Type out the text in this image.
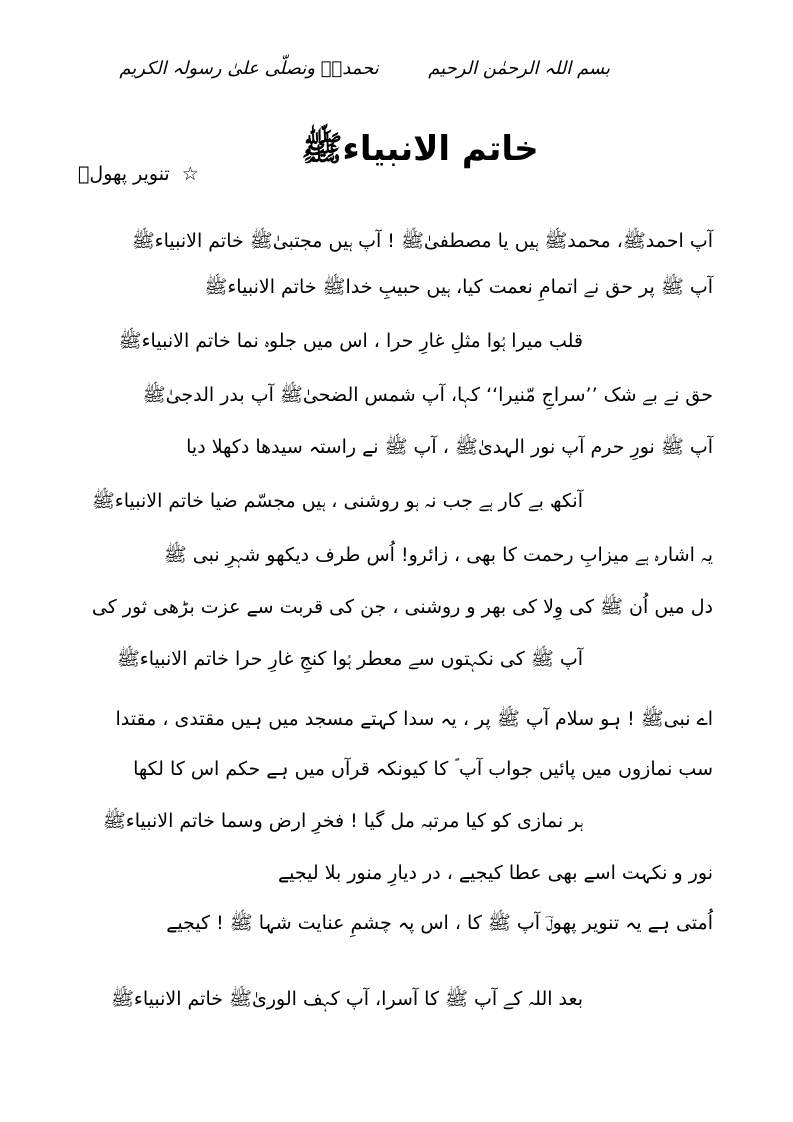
بسم اللہ الرحمٰن الرحیم  نحمدہٗ ونصلّی علیٰ رسولہ الکریم
خاتم الانبیاءﷺ
☆ تنویر پھولؔ
آپ احمدﷺ، محمدﷺ ہیں یا مصطفیٰﷺ ! آپ ہیں مجتبیٰﷺ خاتم الانبیاءﷺ
آپ ﷺ پر حق نے اتمامِ نعمت کیا، ہیں حبیبِ خداﷺ خاتم الانبیاءﷺ
قلب میرا ہُوا مثلِ غارِ حرا ، اس میں جلوہ نما خاتم الانبیاءﷺ
حق نے بے شک ’’سراجِ مّنیرا‘‘ کہا، آپ شمس الضحیٰﷺ آپ بدر الدجیٰﷺ
آپ ﷺ نورِ حرم آپ نور الہدیٰﷺ ، آپ ﷺ نے راستہ سیدھا دکھلا دیا
آنکھ بے کار ہے جب نہ ہو روشنی ، ہیں مجسّم ضیا خاتم الانبیاءﷺ
یہ اشارہ ہے میزابِ رحمت کا بھی ، زائرو! اُس طرف دیکھو شہرِ نبی ﷺ
دل میں اُن ﷺ کی وِلا کی بھر و روشنی ، جن کی قربت سے عزت بڑھی ثور کی
آپ ﷺ کی نکہتوں سے معطر ہُوا کنجِ غارِ حرا خاتم الانبیاءﷺ
اے نبیﷺ ! ہو سلام آپ ﷺ پر ، یہ سدا کہتے مسجد میں ہیں مقتدی ، مقتدا
سب نمازوں میں پائیں جواب آپ ؐ کا کیونکہ قرآں میں ہے حکم اس کا لکھا
ہر نمازی کو کیا مرتبہ مل گیا ! فخرِ ارض وسما خاتم الانبیاءﷺ
نور و نکہت اسے بھی عطا کیجیے ، در دیارِ منور بلا لیجیے
اُمتی ہے یہ تنویر پھولؔ آپ ﷺ کا ، اس پہ چشمِ عنایت شہا ﷺ ! کیجیے
بعد اللہ کے آپ ﷺ کا آسرا، آپ کہف الوریٰﷺ خاتم الانبیاءﷺ
